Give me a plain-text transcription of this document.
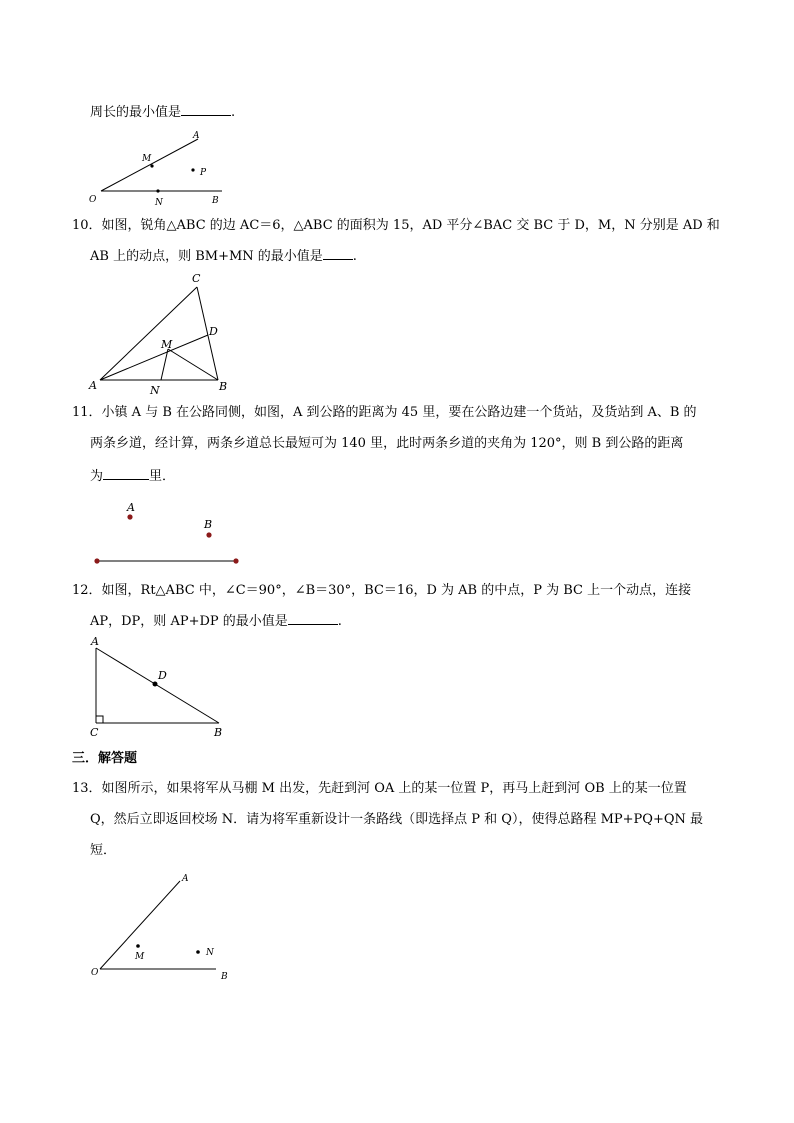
周长的最小值是	.
A
M
P
O	N	B
10．如图，锐角△ABC 的边 AC＝6，△ABC 的面积为 15，AD 平分∠BAC 交 BC 于 D，M，N 分别是 AD 和
AB 上的动点，则 BM+MN 的最小值是 .
C
D
M
A	N	B
11．小镇 A 与 B 在公路同侧，如图，A 到公路的距离为 45 里，要在公路边建一个货站，及货站到 A、B 的
两条乡道，经计算，两条乡道总长最短可为 140 里，此时两条乡道的夹角为 120°，则 B 到公路的距离
为	里．
A
B
12．如图，Rt△ABC 中，∠C＝90°，∠B＝30°，BC＝16，D 为 AB 的中点，P 为 BC 上一个动点，连接
AP，DP，则 AP+DP 的最小值是	.
A
D
C	B
三．解答题
13．如图所示，如果将军从马棚 M 出发，先赶到河 OA 上的某一位置 P，再马上赶到河 OB 上的某一位置
Q，然后立即返回校场 N．请为将军重新设计一条路线（即选择点 P 和 Q），使得总路程 MP+PQ+QN 最
短．
A
M	N
O	B
